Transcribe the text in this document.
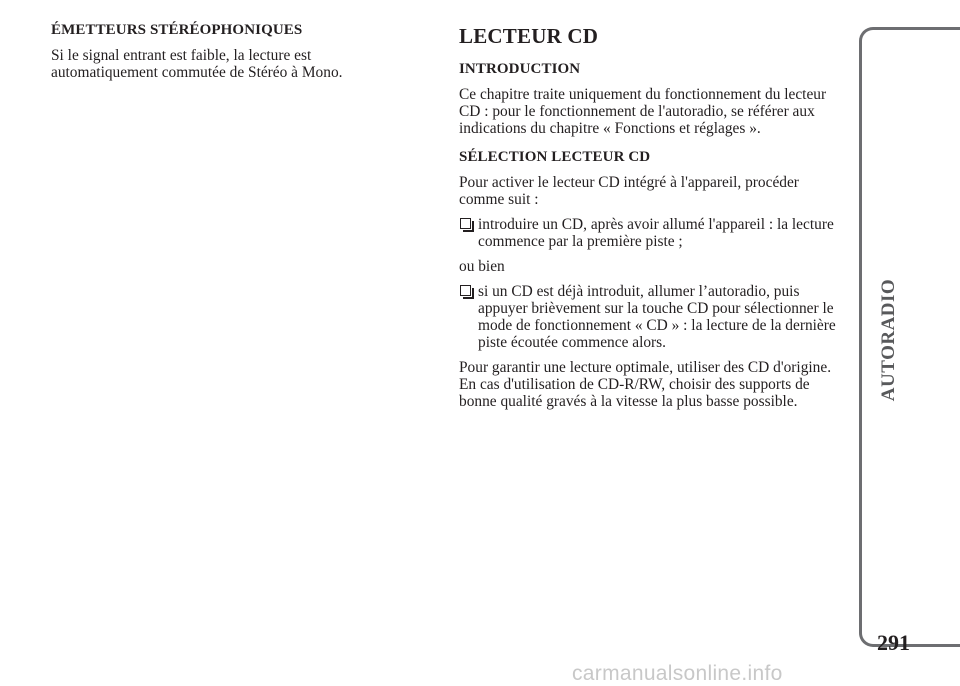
ÉMETTEURS STÉRÉOPHONIQUES

Si le signal entrant est faible, la lecture est automatiquement commutée de Stéréo à Mono.

LECTEUR CD
INTRODUCTION

Ce chapitre traite uniquement du fonctionnement du lecteur CD : pour le fonctionnement de l'autoradio, se référer aux indications du chapitre « Fonctions et réglages ».

SÉLECTION LECTEUR CD

Pour activer le lecteur CD intégré à l'appareil, procéder comme suit :

introduire un CD, après avoir allumé l'appareil : la lecture commence par la première piste ;

ou bien

si un CD est déjà introduit, allumer l’autoradio, puis appuyer brièvement sur la touche CD pour sélectionner le mode de fonctionnement « CD » : la lecture de la dernière piste écoutée commence alors.

Pour garantir une lecture optimale, utiliser des CD d'origine. En cas d'utilisation de CD-R/RW, choisir des supports de bonne qualité gravés à la vitesse la plus basse possible.

AUTORADIO
291
carmanualsonline.info
